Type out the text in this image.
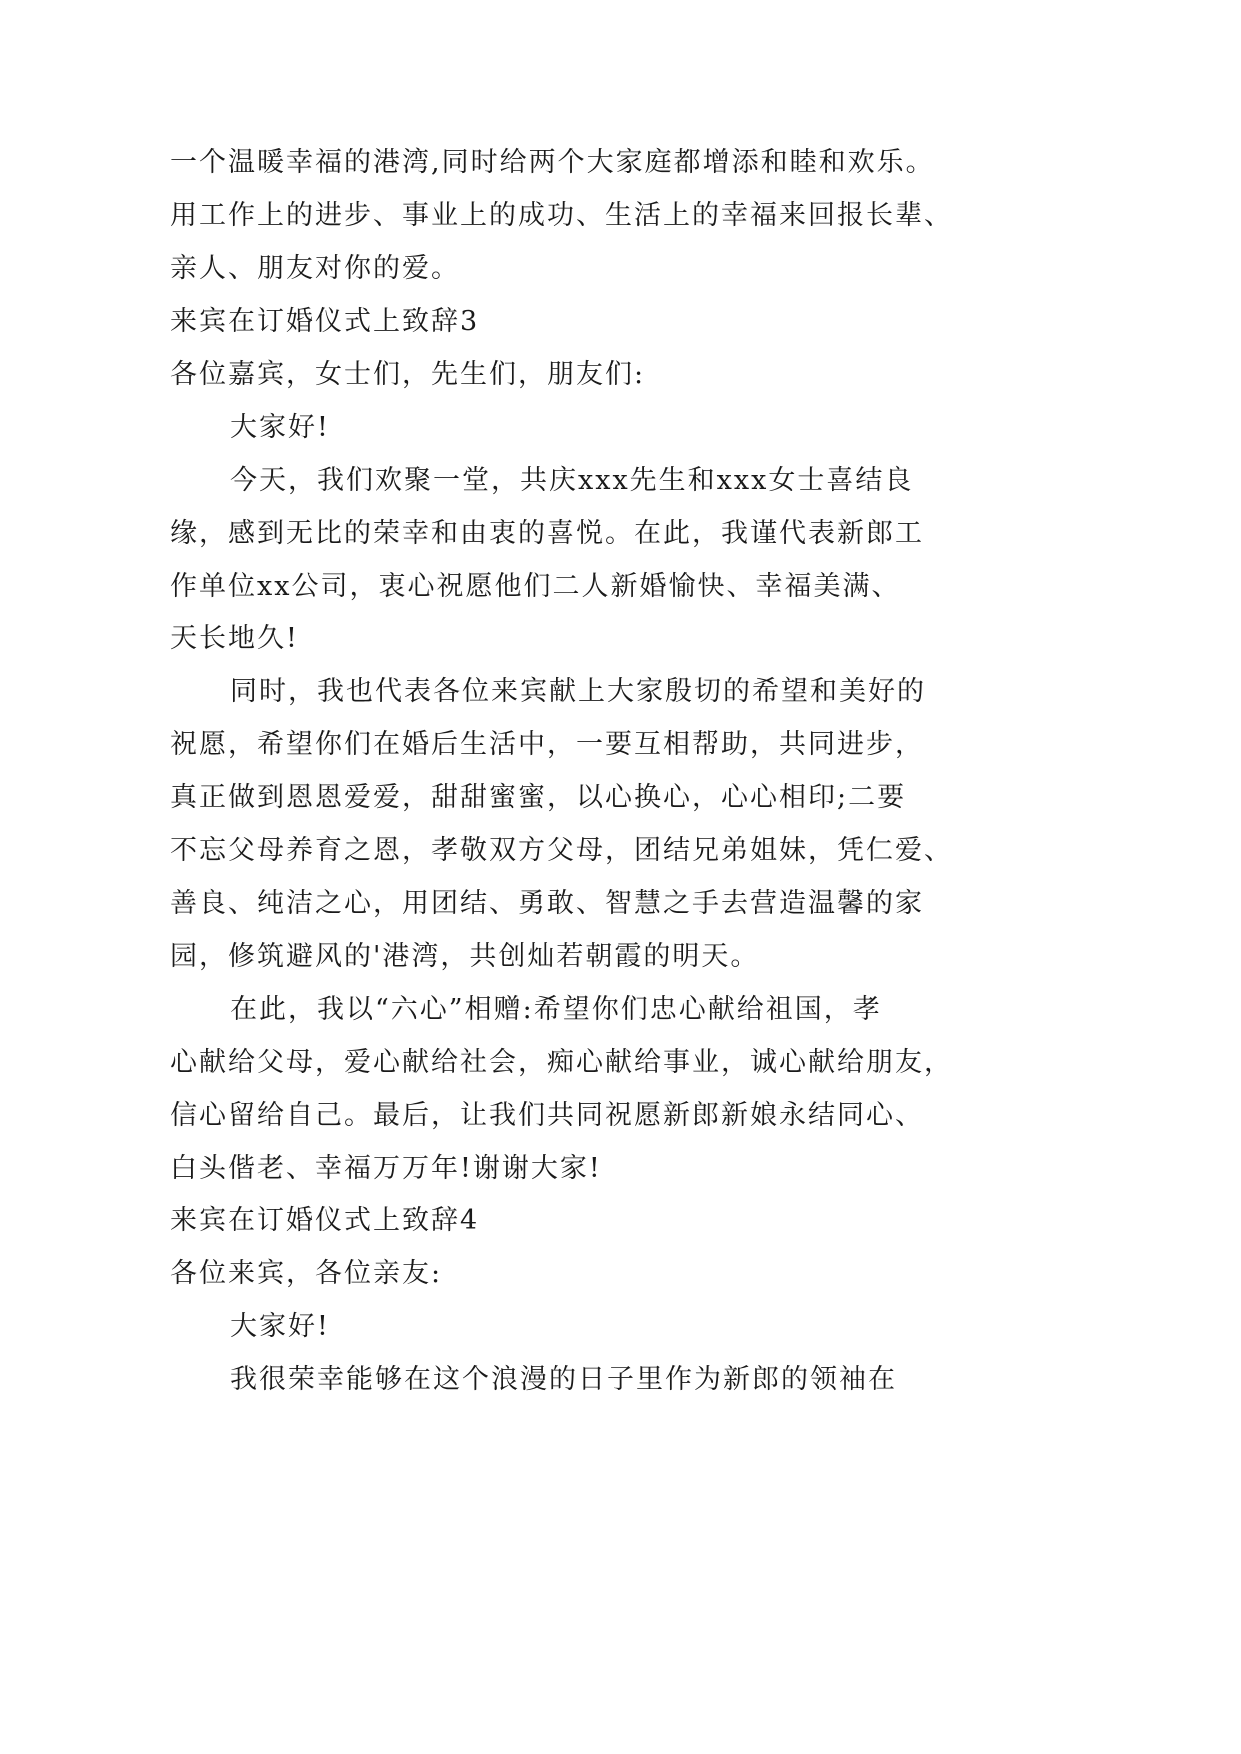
一个温暖幸福的港湾,同时给两个大家庭都增添和睦和欢乐。
用工作上的进步、事业上的成功、生活上的幸福来回报长辈、
亲人、朋友对你的爱。
来宾在订婚仪式上致辞3
各位嘉宾，女士们，先生们，朋友们:
大家好!
今天，我们欢聚一堂，共庆xxx先生和xxx女士喜结良
缘，感到无比的荣幸和由衷的喜悦。在此，我谨代表新郎工
作单位xx公司，衷心祝愿他们二人新婚愉快、幸福美满、
天长地久!
同时，我也代表各位来宾献上大家殷切的希望和美好的
祝愿，希望你们在婚后生活中，一要互相帮助，共同进步，
真正做到恩恩爱爱，甜甜蜜蜜，以心换心，心心相印;二要
不忘父母养育之恩，孝敬双方父母，团结兄弟姐妹，凭仁爱、
善良、纯洁之心，用团结、勇敢、智慧之手去营造温馨的家
园，修筑避风的'港湾，共创灿若朝霞的明天。
在此，我以“六心”相赠:希望你们忠心献给祖国，孝
心献给父母，爱心献给社会，痴心献给事业，诚心献给朋友，
信心留给自己。最后，让我们共同祝愿新郎新娘永结同心、
白头偕老、幸福万万年!谢谢大家!
来宾在订婚仪式上致辞4
各位来宾，各位亲友:
大家好!
我很荣幸能够在这个浪漫的日子里作为新郎的领袖在
